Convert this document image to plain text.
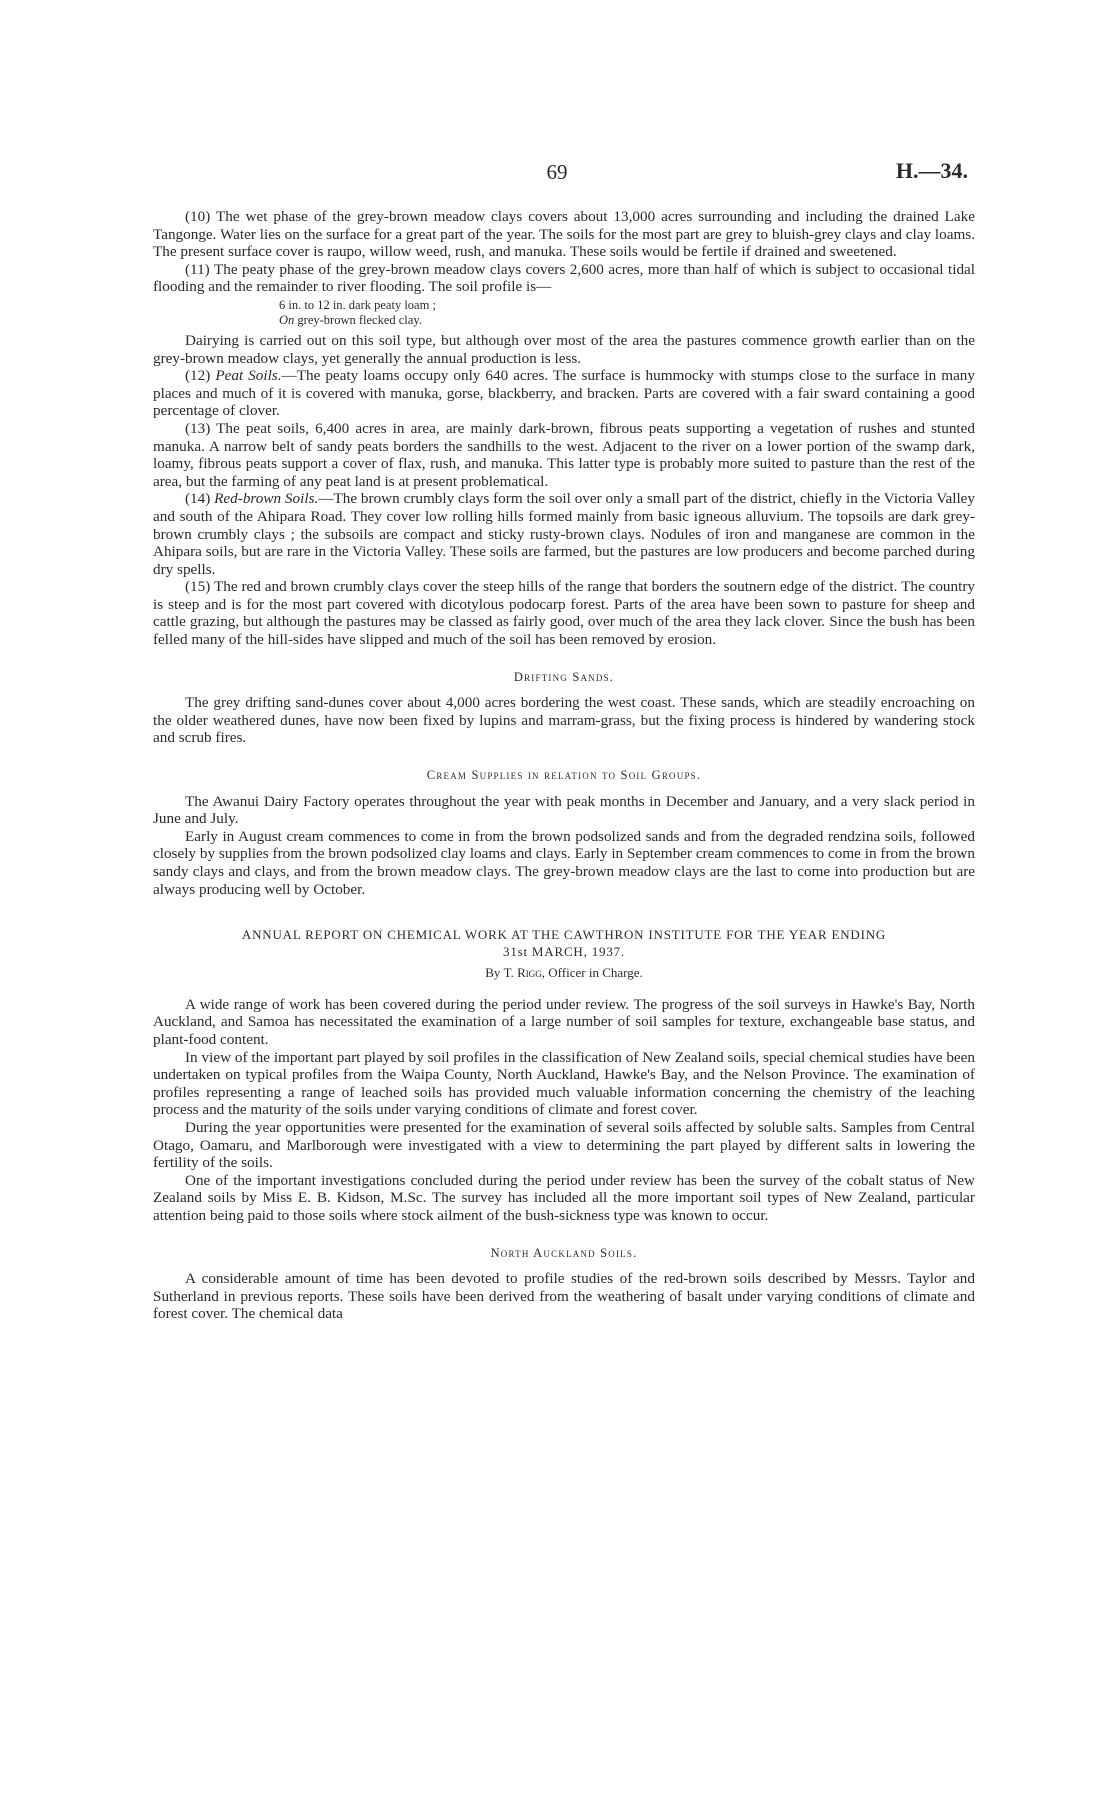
69	H.—34.

(10) The wet phase of the grey-brown meadow clays covers about 13,000 acres surrounding and including the drained Lake Tangonge. Water lies on the surface for a great part of the year. The soils for the most part are grey to bluish-grey clays and clay loams. The present surface cover is raupo, willow weed, rush, and manuka. These soils would be fertile if drained and sweetened.

(11) The peaty phase of the grey-brown meadow clays covers 2,600 acres, more than half of which is subject to occasional tidal flooding and the remainder to river flooding. The soil profile is—

6 in. to 12 in. dark peaty loam ;
On grey-brown flecked clay.

Dairying is carried out on this soil type, but although over most of the area the pastures commence growth earlier than on the grey-brown meadow clays, yet generally the annual production is less.

(12) Peat Soils.—The peaty loams occupy only 640 acres. The surface is hummocky with stumps close to the surface in many places and much of it is covered with manuka, gorse, blackberry, and bracken. Parts are covered with a fair sward containing a good percentage of clover.

(13) The peat soils, 6,400 acres in area, are mainly dark-brown, fibrous peats supporting a vegetation of rushes and stunted manuka. A narrow belt of sandy peats borders the sandhills to the west. Adjacent to the river on a lower portion of the swamp dark, loamy, fibrous peats support a cover of flax, rush, and manuka. This latter type is probably more suited to pasture than the rest of the area, but the farming of any peat land is at present problematical.

(14) Red-brown Soils.—The brown crumbly clays form the soil over only a small part of the district, chiefly in the Victoria Valley and south of the Ahipara Road. They cover low rolling hills formed mainly from basic igneous alluvium. The topsoils are dark grey-brown crumbly clays ; the subsoils are compact and sticky rusty-brown clays. Nodules of iron and manganese are common in the Ahipara soils, but are rare in the Victoria Valley. These soils are farmed, but the pastures are low producers and become parched during dry spells.

(15) The red and brown crumbly clays cover the steep hills of the range that borders the soutnern edge of the district. The country is steep and is for the most part covered with dicotylous podocarp forest. Parts of the area have been sown to pasture for sheep and cattle grazing, but although the pastures may be classed as fairly good, over much of the area they lack clover. Since the bush has been felled many of the hill-sides have slipped and much of the soil has been removed by erosion.

Drifting Sands.

The grey drifting sand-dunes cover about 4,000 acres bordering the west coast. These sands, which are steadily encroaching on the older weathered dunes, have now been fixed by lupins and marram-grass, but the fixing process is hindered by wandering stock and scrub fires.

Cream Supplies in relation to Soil Groups.

The Awanui Dairy Factory operates throughout the year with peak months in December and January, and a very slack period in June and July.

Early in August cream commences to come in from the brown podsolized sands and from the degraded rendzina soils, followed closely by supplies from the brown podsolized clay loams and clays. Early in September cream commences to come in from the brown sandy clays and clays, and from the brown meadow clays. The grey-brown meadow clays are the last to come into production but are always producing well by October.

ANNUAL REPORT ON CHEMICAL WORK AT THE CAWTHRON INSTITUTE FOR THE YEAR ENDING
31st MARCH, 1937.
By T. Rigg, Officer in Charge.

A wide range of work has been covered during the period under review. The progress of the soil surveys in Hawke's Bay, North Auckland, and Samoa has necessitated the examination of a large number of soil samples for texture, exchangeable base status, and plant-food content.

In view of the important part played by soil profiles in the classification of New Zealand soils, special chemical studies have been undertaken on typical profiles from the Waipa County, North Auckland, Hawke's Bay, and the Nelson Province. The examination of profiles representing a range of leached soils has provided much valuable information concerning the chemistry of the leaching process and the maturity of the soils under varying conditions of climate and forest cover.

During the year opportunities were presented for the examination of several soils affected by soluble salts. Samples from Central Otago, Oamaru, and Marlborough were investigated with a view to determining the part played by different salts in lowering the fertility of the soils.

One of the important investigations concluded during the period under review has been the survey of the cobalt status of New Zealand soils by Miss E. B. Kidson, M.Sc. The survey has included all the more important soil types of New Zealand, particular attention being paid to those soils where stock ailment of the bush-sickness type was known to occur.

North Auckland Soils.

A considerable amount of time has been devoted to profile studies of the red-brown soils described by Messrs. Taylor and Sutherland in previous reports. These soils have been derived from the weathering of basalt under varying conditions of climate and forest cover. The chemical data
